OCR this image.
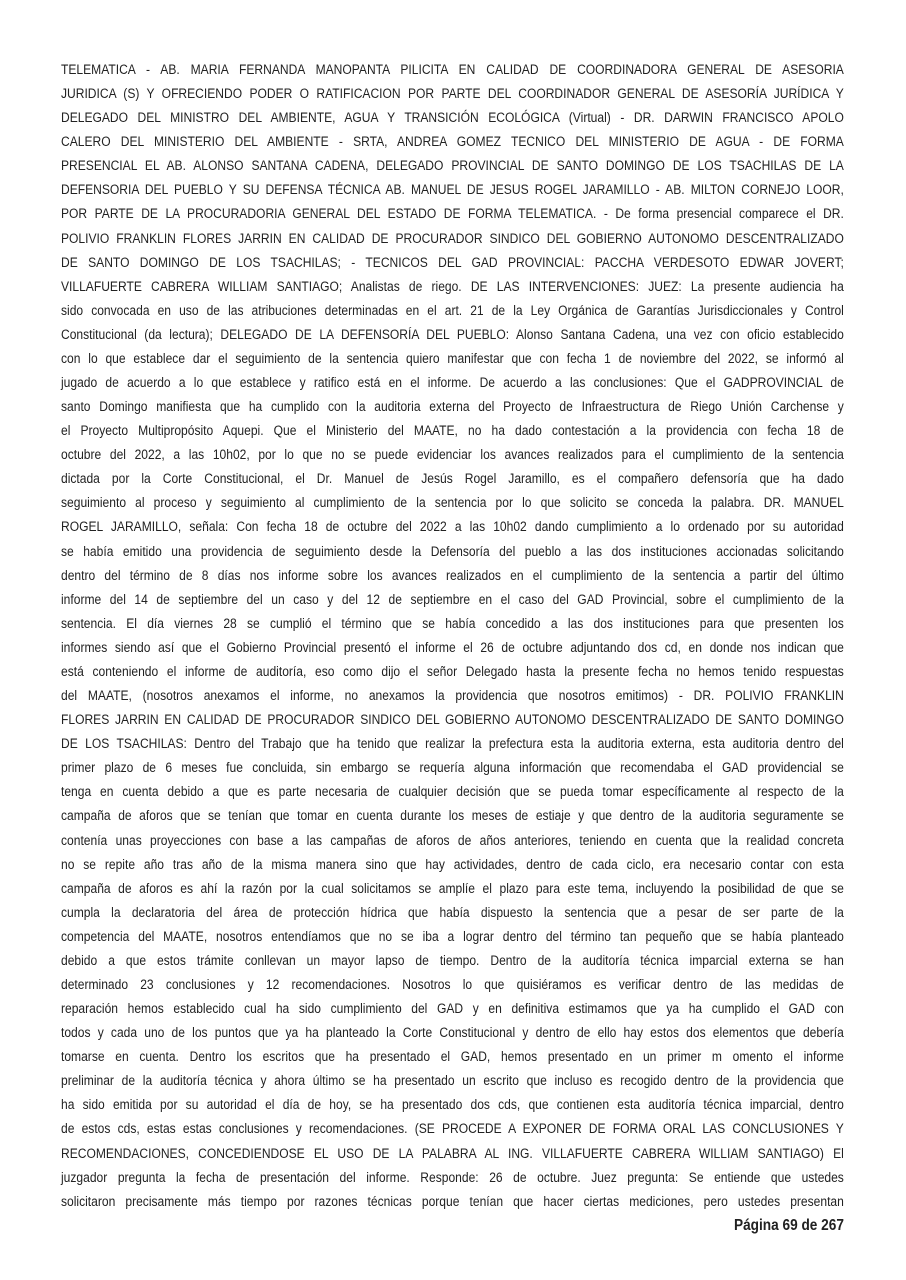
TELEMATICA - AB. MARIA FERNANDA MANOPANTA PILICITA EN CALIDAD DE COORDINADORA GENERAL DE ASESORIA
JURIDICA (S) Y OFRECIENDO PODER O RATIFICACION POR PARTE DEL COORDINADOR GENERAL DE ASESORÍA JURÍDICA Y
DELEGADO DEL MINISTRO DEL AMBIENTE, AGUA Y TRANSICIÓN ECOLÓGICA (Virtual) - DR. DARWIN FRANCISCO APOLO
CALERO DEL MINISTERIO DEL AMBIENTE - SRTA, ANDREA GOMEZ TECNICO DEL MINISTERIO DE AGUA - DE FORMA
PRESENCIAL EL AB. ALONSO SANTANA CADENA, DELEGADO PROVINCIAL DE SANTO DOMINGO DE LOS TSACHILAS DE LA
DEFENSORIA DEL PUEBLO Y SU DEFENSA TÉCNICA AB. MANUEL DE JESUS ROGEL JARAMILLO - AB. MILTON CORNEJO LOOR,
POR PARTE DE LA PROCURADORIA GENERAL DEL ESTADO DE FORMA TELEMATICA. - De forma presencial comparece el DR.
POLIVIO FRANKLIN FLORES JARRIN EN CALIDAD DE PROCURADOR SINDICO DEL GOBIERNO AUTONOMO DESCENTRALIZADO
DE SANTO DOMINGO DE LOS TSACHILAS; - TECNICOS DEL GAD PROVINCIAL: PACCHA VERDESOTO EDWAR JOVERT;
VILLAFUERTE CABRERA WILLIAM SANTIAGO; Analistas de riego. DE LAS INTERVENCIONES: JUEZ: La presente audiencia ha
sido convocada en uso de las atribuciones determinadas en el art. 21 de la Ley Orgánica de Garantías Jurisdiccionales y Control
Constitucional (da lectura); DELEGADO DE LA DEFENSORÍA DEL PUEBLO: Alonso Santana Cadena, una vez con oficio establecido
con lo que establece dar el seguimiento de la sentencia quiero manifestar que con fecha 1 de noviembre del 2022, se informó al
jugado de acuerdo a lo que establece y ratifico está en el informe. De acuerdo a las conclusiones: Que el GADPROVINCIAL de
santo Domingo manifiesta que ha cumplido con la auditoria externa del Proyecto de Infraestructura de Riego Unión Carchense y
el Proyecto Multipropósito Aquepi. Que el Ministerio del MAATE, no ha dado contestación a la providencia con fecha 18 de
octubre del 2022, a las 10h02, por lo que no se puede evidenciar los avances realizados para el cumplimiento de la sentencia
dictada por la Corte Constitucional, el Dr. Manuel de Jesús Rogel Jaramillo, es el compañero defensoría que ha dado
seguimiento al proceso y seguimiento al cumplimiento de la sentencia por lo que solicito se conceda la palabra. DR. MANUEL
ROGEL JARAMILLO, señala: Con fecha 18 de octubre del 2022 a las 10h02 dando cumplimiento a lo ordenado por su autoridad
se había emitido una providencia de seguimiento desde la Defensoría del pueblo a las dos instituciones accionadas solicitando
dentro del término de 8 días nos informe sobre los avances realizados en el cumplimiento de la sentencia a partir del último
informe del 14 de septiembre del un caso y del 12 de septiembre en el caso del GAD Provincial, sobre el cumplimiento de la
sentencia. El día viernes 28 se cumplió el término que se había concedido a las dos instituciones para que presenten los
informes siendo así que el Gobierno Provincial presentó el informe el 26 de octubre adjuntando dos cd, en donde nos indican que
está conteniendo el informe de auditoría, eso como dijo el señor Delegado hasta la presente fecha no hemos tenido respuestas
del MAATE, (nosotros anexamos el informe, no anexamos la providencia que nosotros emitimos) - DR. POLIVIO FRANKLIN
FLORES JARRIN EN CALIDAD DE PROCURADOR SINDICO DEL GOBIERNO AUTONOMO DESCENTRALIZADO DE SANTO DOMINGO
DE LOS TSACHILAS: Dentro del Trabajo que ha tenido que realizar la prefectura esta la auditoria externa, esta auditoria dentro del
primer plazo de 6 meses fue concluida, sin embargo se requería alguna información que recomendaba el GAD providencial se
tenga en cuenta debido a que es parte necesaria de cualquier decisión que se pueda tomar específicamente al respecto de la
campaña de aforos que se tenían que tomar en cuenta durante los meses de estiaje y que dentro de la auditoria seguramente se
contenía unas proyecciones con base a las campañas de aforos de años anteriores, teniendo en cuenta que la realidad concreta
no se repite año tras año de la misma manera sino que hay actividades, dentro de cada ciclo, era necesario contar con esta
campaña de aforos es ahí la razón por la cual solicitamos se amplíe el plazo para este tema, incluyendo la posibilidad de que se
cumpla la declaratoria del área de protección hídrica que había dispuesto la sentencia que a pesar de ser parte de la
competencia del MAATE, nosotros entendíamos que no se iba a lograr dentro del término tan pequeño que se había planteado
debido a que estos trámite conllevan un mayor lapso de tiempo. Dentro de la auditoría técnica imparcial externa se han
determinado 23 conclusiones y 12 recomendaciones. Nosotros lo que quisiéramos es verificar dentro de las medidas de
reparación hemos establecido cual ha sido cumplimiento del GAD y en definitiva estimamos que ya ha cumplido el GAD con
todos y cada uno de los puntos que ya ha planteado la Corte Constitucional y dentro de ello hay estos dos elementos que debería
tomarse en cuenta. Dentro los escritos que ha presentado el GAD, hemos presentado en un primer m omento el informe
preliminar de la auditoría técnica y ahora último se ha presentado un escrito que incluso es recogido dentro de la providencia que
ha sido emitida por su autoridad el día de hoy, se ha presentado dos cds, que contienen esta auditoría técnica imparcial, dentro
de estos cds, estas estas conclusiones y recomendaciones. (SE PROCEDE A EXPONER DE FORMA ORAL LAS CONCLUSIONES Y
RECOMENDACIONES, CONCEDIENDOSE EL USO DE LA PALABRA AL ING. VILLAFUERTE CABRERA WILLIAM SANTIAGO) El
juzgador pregunta la fecha de presentación del informe. Responde: 26 de octubre. Juez pregunta: Se entiende que ustedes
solicitaron precisamente más tiempo por razones técnicas porque tenían que hacer ciertas mediciones, pero ustedes presentan
Página 69 de 267
